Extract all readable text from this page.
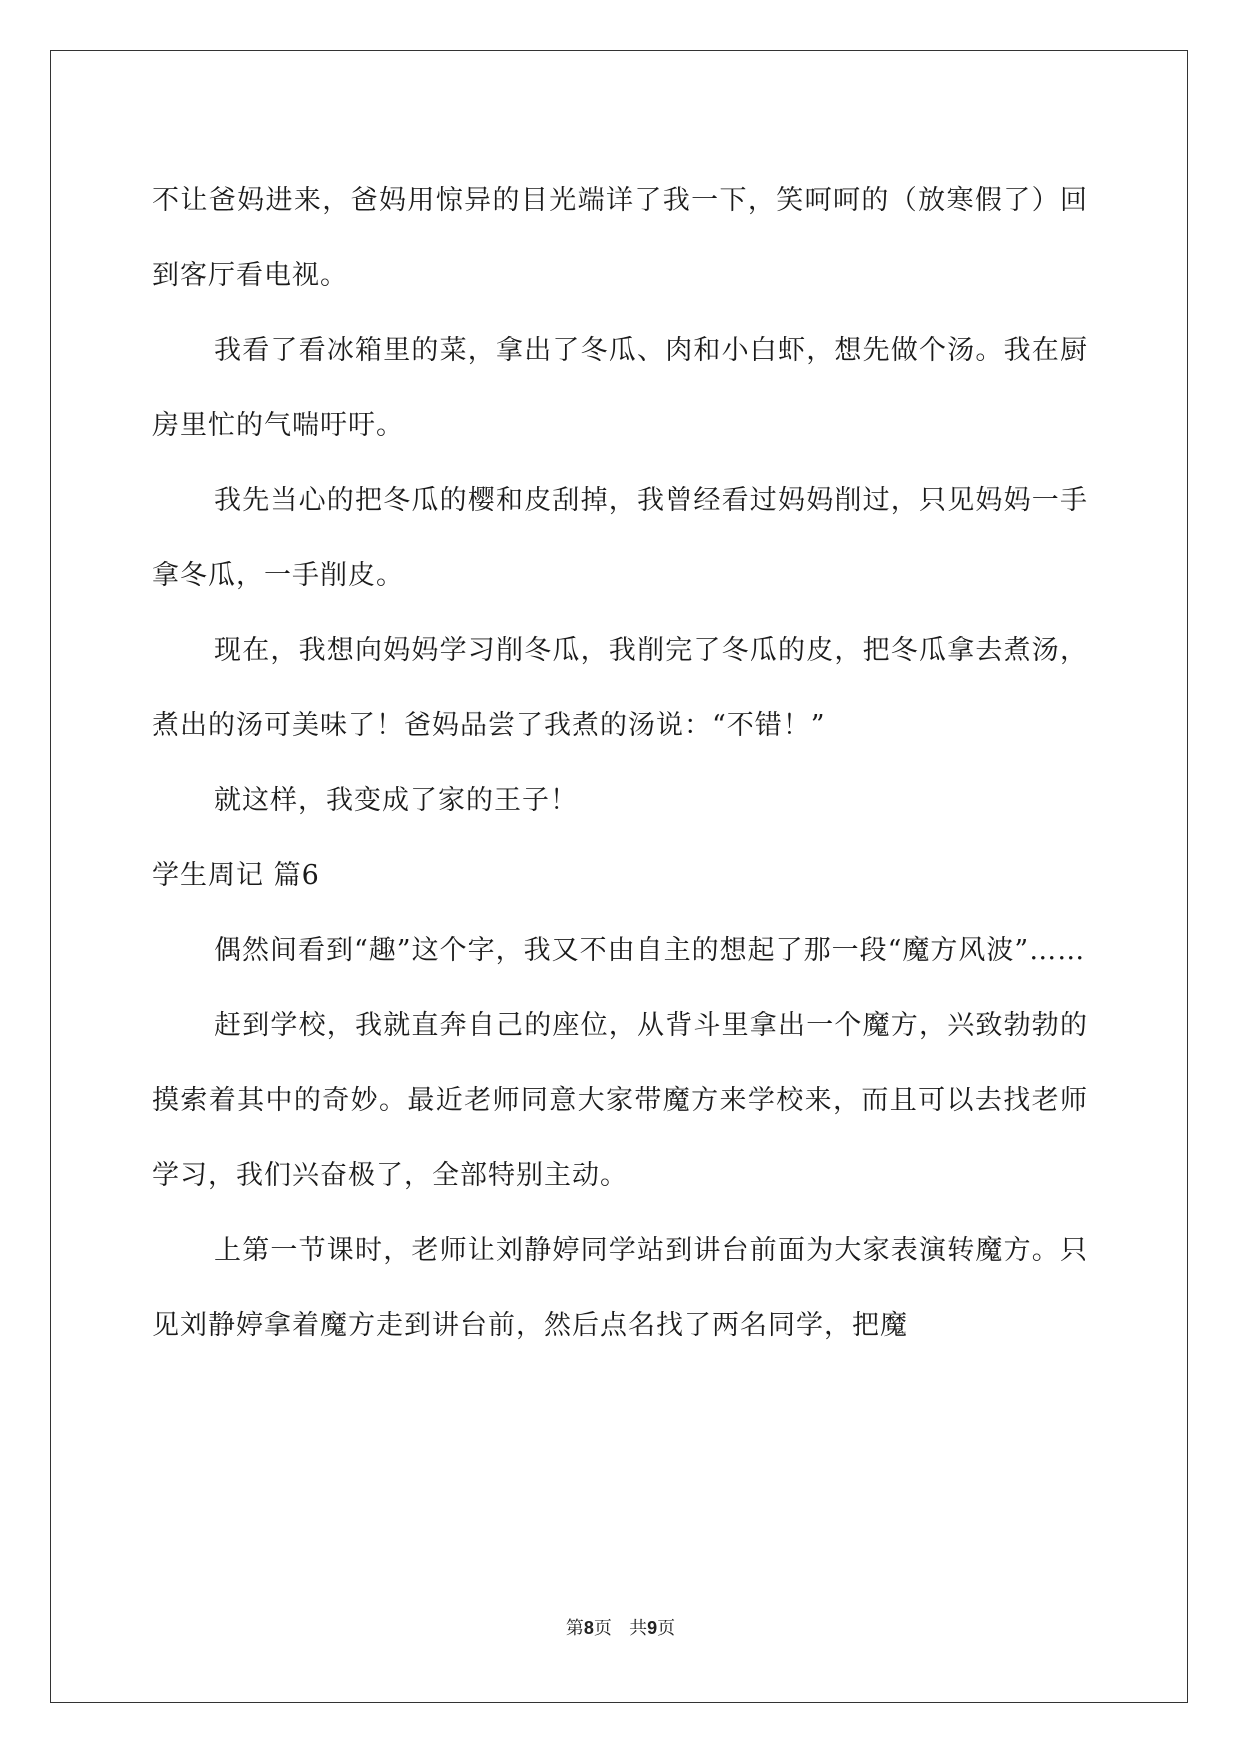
不让爸妈进来，爸妈用惊异的目光端详了我一下，笑呵呵的（放寒假了）回到客厅看电视。

我看了看冰箱里的菜，拿出了冬瓜、肉和小白虾，想先做个汤。我在厨房里忙的气喘吁吁。

我先当心的把冬瓜的樱和皮刮掉，我曾经看过妈妈削过，只见妈妈一手拿冬瓜，一手削皮。

现在，我想向妈妈学习削冬瓜，我削完了冬瓜的皮，把冬瓜拿去煮汤，煮出的汤可美味了！爸妈品尝了我煮的汤说：“不错！”

就这样，我变成了家的王子！

学生周记 篇6

偶然间看到“趣”这个字，我又不由自主的想起了那一段“魔方风波”……

赶到学校，我就直奔自己的座位，从背斗里拿出一个魔方，兴致勃勃的摸索着其中的奇妙。最近老师同意大家带魔方来学校来，而且可以去找老师学习，我们兴奋极了，全部特别主动。

上第一节课时，老师让刘静婷同学站到讲台前面为大家表演转魔方。只见刘静婷拿着魔方走到讲台前，然后点名找了两名同学，把魔

第8页 共9页
